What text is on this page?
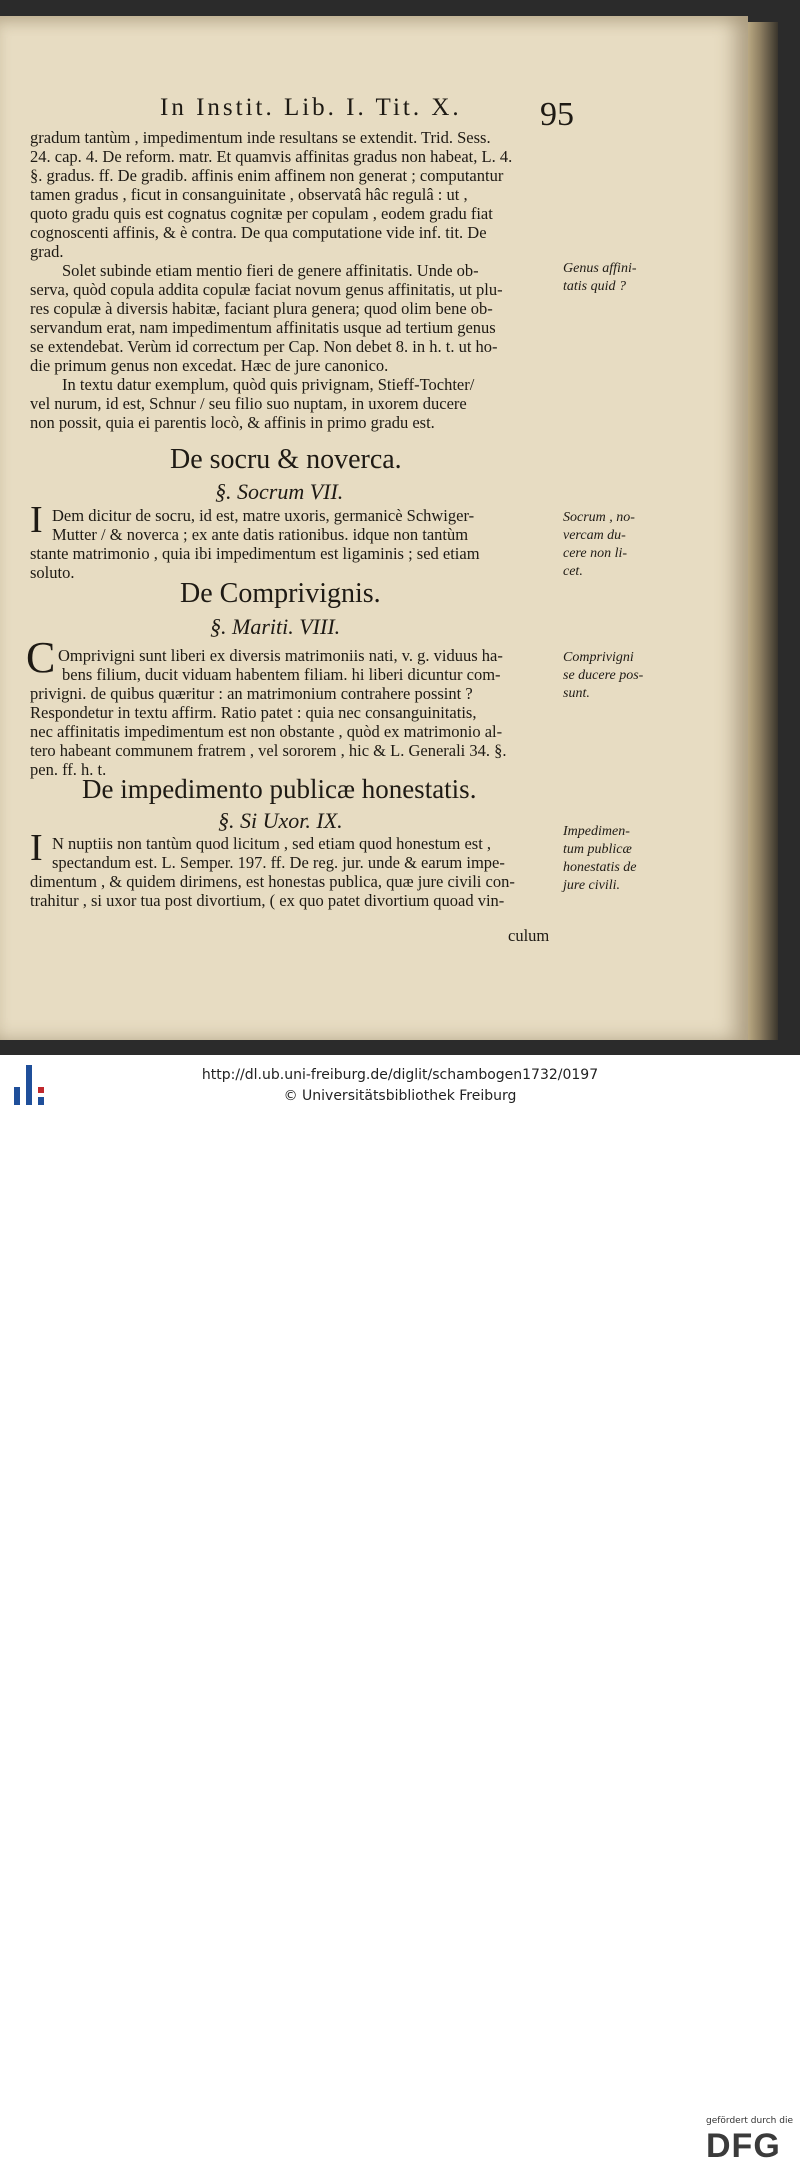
In Instit. Lib. I. Tit. X. 95
gradum tantùm , impedimentum inde resultans se extendit. Trid. Sess.
24. cap. 4. De reform. matr. Et quamvis affinitas gradus non habeat, L. 4.
§. gradus. ff. De gradib. affinis enim affinem non generat ; computantur
tamen gradus , ficut in consanguinitate , observatâ hâc regulâ : ut ,
quoto gradu quis est cognatus cognitæ per copulam , eodem gradu fiat
cognoscenti affinis, & è contra. De qua computatione vide inf. tit. De
grad.
Solet subinde etiam mentio fieri de genere affinitatis. Unde ob-
serva, quòd copula addita copulæ faciat novum genus affinitatis, ut plu-
res copulæ à diversis habitæ, faciant plura genera; quod olim bene ob-
servandum erat, nam impedimentum affinitatis usque ad tertium genus
se extendebat. Verùm id correctum per Cap. Non debet 8. in h. t. ut ho-
die primum genus non excedat. Hæc de jure canonico.
In textu datur exemplum, quòd quis privignam, Stieff-Tochter/
vel nurum, id est, Schnur / seu filio suo nuptam, in uxorem ducere
non possit, quia ei parentis locò, & affinis in primo gradu est.
De socru & noverca.
§. Socrum VII.
I Dem dicitur de socru, id est, matre uxoris, germanicè Schwiger-
Mutter / & noverca ; ex ante datis rationibus. idque non tantùm
stante matrimonio , quia ibi impedimentum est ligaminis ; sed etiam
soluto.
De Comprivignis.
§. Mariti. VIII.
C Omprivigni sunt liberi ex diversis matrimoniis nati, v. g. viduus ha-
bens filium, ducit viduam habentem filiam. hi liberi dicuntur com-
privigni. de quibus quæritur : an matrimonium contrahere possint ?
Respondetur in textu affirm. Ratio patet : quia nec consanguinitatis,
nec affinitatis impedimentum est non obstante , quòd ex matrimonio al-
tero habeant communem fratrem , vel sororem , hic & L. Generali 34. §.
pen. ff. h. t.
De impedimento publicæ honestatis.
§. Si Uxor. IX.
I N nuptiis non tantùm quod licitum , sed etiam quod honestum est ,
spectandum est. L. Semper. 197. ff. De reg. jur. unde & earum impe-
dimentum , & quidem dirimens, est honestas publica, quæ jure civili con-
trahitur , si uxor tua post divortium, ( ex quo patet divortium quoad vin-
culum
Genus affini-
tatis quid ?
Socrum , no-
vercam du-
cere non li-
cet.
Comprivigni
se ducere pos-
sunt.
Impedimen-
tum publicæ
honestatis de
jure civili.
http://dl.ub.uni-freiburg.de/diglit/schambogen1732/0197
© Universitätsbibliothek Freiburg
gefördert durch die
DFG
